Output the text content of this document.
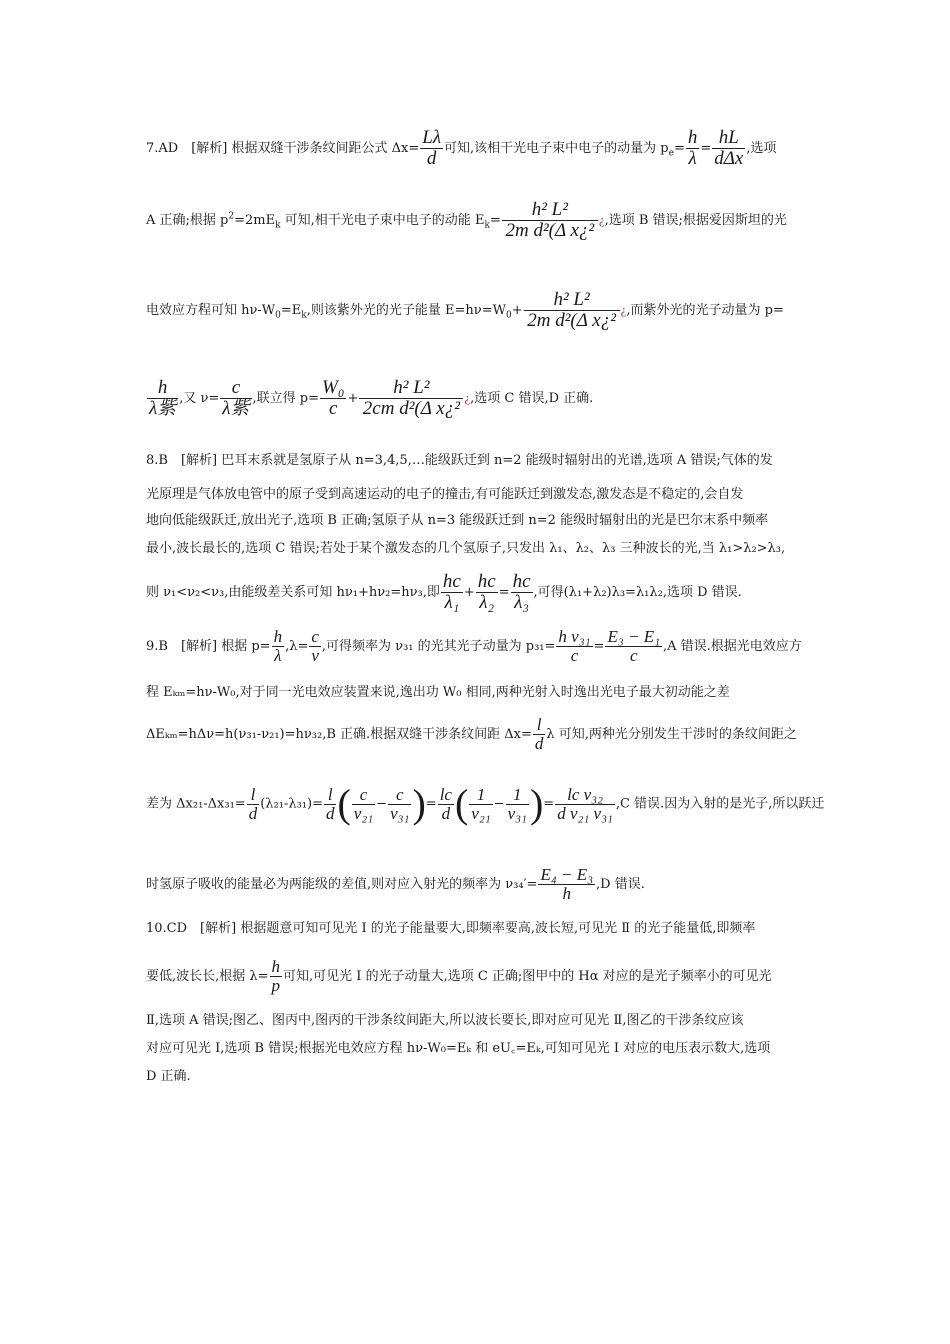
7.AD　[解析] 根据双缝干涉条纹间距公式 $\Delta x= \frac{L\lambda}{d}$ 可知,该相干光电子束中电子的动量为 $p_e= \frac{h}{\lambda} = \frac{hL}{\text{dΔx}}$ ,选项
A 正确;根据 $p^2=2mE_k$ 可知,相干光电子束中电子的动能 $E_k= \frac{\text{h² L²}}{\text{2m d²(Δ x¿²}}$ ¿,选项 B 错误;根据爱因斯坦的光
电效应方程可知 $h\nu-W_0=E_k$,则该紫外光的光子能量 $E=h\nu=W_0+ \frac{\text{h² L²}}{\text{2m d²(Δ x¿²}}$ ¿,而紫外光的光子动量为 p=
$\frac{h}{\text{λ紫}}$ ,又 $\nu= \frac{c}{\text{λ紫}}$ ,联立得 $p= \frac{\text{W₀}}{c} + \frac{\text{h² L²}}{\text{2cm d²(Δ x¿²}}$ ¿,选项 C 错误,D 正确.
8.B　[解析] 巴耳末系就是氢原子从 n=3,4,5,…能级跃迁到 n=2 能级时辐射出的光谱,选项 A 错误;气体的发
光原理是气体放电管中的原子受到高速运动的电子的撞击,有可能跃迁到激发态,激发态是不稳定的,会自发
地向低能级跃迁,放出光子,选项 B 正确;氢原子从 n=3 能级跃迁到 n=2 能级时辐射出的光是巴尔末系中频率
最小,波长最长的,选项 C 错误;若处于某个激发态的几个氢原子,只发出 λ₁、λ₂、λ₃ 三种波长的光,当 λ₁>λ₂>λ₃,
则 ν₁<ν₂<ν₃,由能级差关系可知 hν₁+hν₂=hν₃,即 $\frac{hc}{\text{λ₁}} + \frac{hc}{\text{λ₂}} = \frac{hc}{\text{λ₃}}$ ,可得(λ₁+λ₂)λ₃=λ₁λ₂,选项 D 错误.
9.B　[解析] 根据 $p= \frac{h}{\lambda} ,\lambda= \frac{c}{\nu}$ ,可得频率为 ν₃₁ 的光其光子动量为 $p_{31}= \frac{\text{h ν₃₁}}{c} = \frac{\text{E₃ − E₁}}{c} ,A$ 错误.根据光电效应方
程 Eₖₘ=hν-W₀,对于同一光电效应装置来说,逸出功 W₀ 相同,两种光射入时逸出光电子最大初动能之差
ΔEₖₘ=hΔν=h(ν₃₁-ν₂₁)=hν₃₂,B 正确.根据双缝干涉条纹间距 $\Delta x= \frac{l}{d}$ λ 可知,两种光分别发生干涉时的条纹间距之
差为 $\Delta x_{21}-\Delta x_{31}= \frac{l}{d} (\lambda_{21}-\lambda_{31})= \frac{l}{d}$ ( $\frac{c}{\text{ν₂₁}} - \frac{c}{\text{ν₃₁}}$ )= $\frac{lc}{d}$ ( $\frac{1}{\text{ν₂₁}} - \frac{1}{\text{ν₃₁}}$ )= $\frac{\text{lc ν₃₂}}{\text{d ν₂₁ ν₃₁}} ,C$ 错误.因为入射的是光子,所以跃迁
时氢原子吸收的能量必为两能级的差值,则对应入射光的频率为 $\nu_{34}'= \frac{\text{E₄ − E₃}}{h} ,D$ 错误.
10.CD　[解析] 根据题意可知可见光 Ⅰ 的光子能量要大,即频率要高,波长短,可见光 Ⅱ 的光子能量低,即频率
要低,波长长,根据 $\lambda= \frac{h}{p}$ 可知,可见光 Ⅰ 的光子动量大,选项 C 正确;图甲中的 Hα 对应的是光子频率小的可见光
Ⅱ,选项 A 错误;图乙、图丙中,图丙的干涉条纹间距大,所以波长要长,即对应可见光 Ⅱ,图乙的干涉条纹应该
对应可见光 Ⅰ,选项 B 错误;根据光电效应方程 hν-W₀=Eₖ 和 eU꜀=Eₖ,可知可见光 Ⅰ 对应的电压表示数大,选项
D 正确.
